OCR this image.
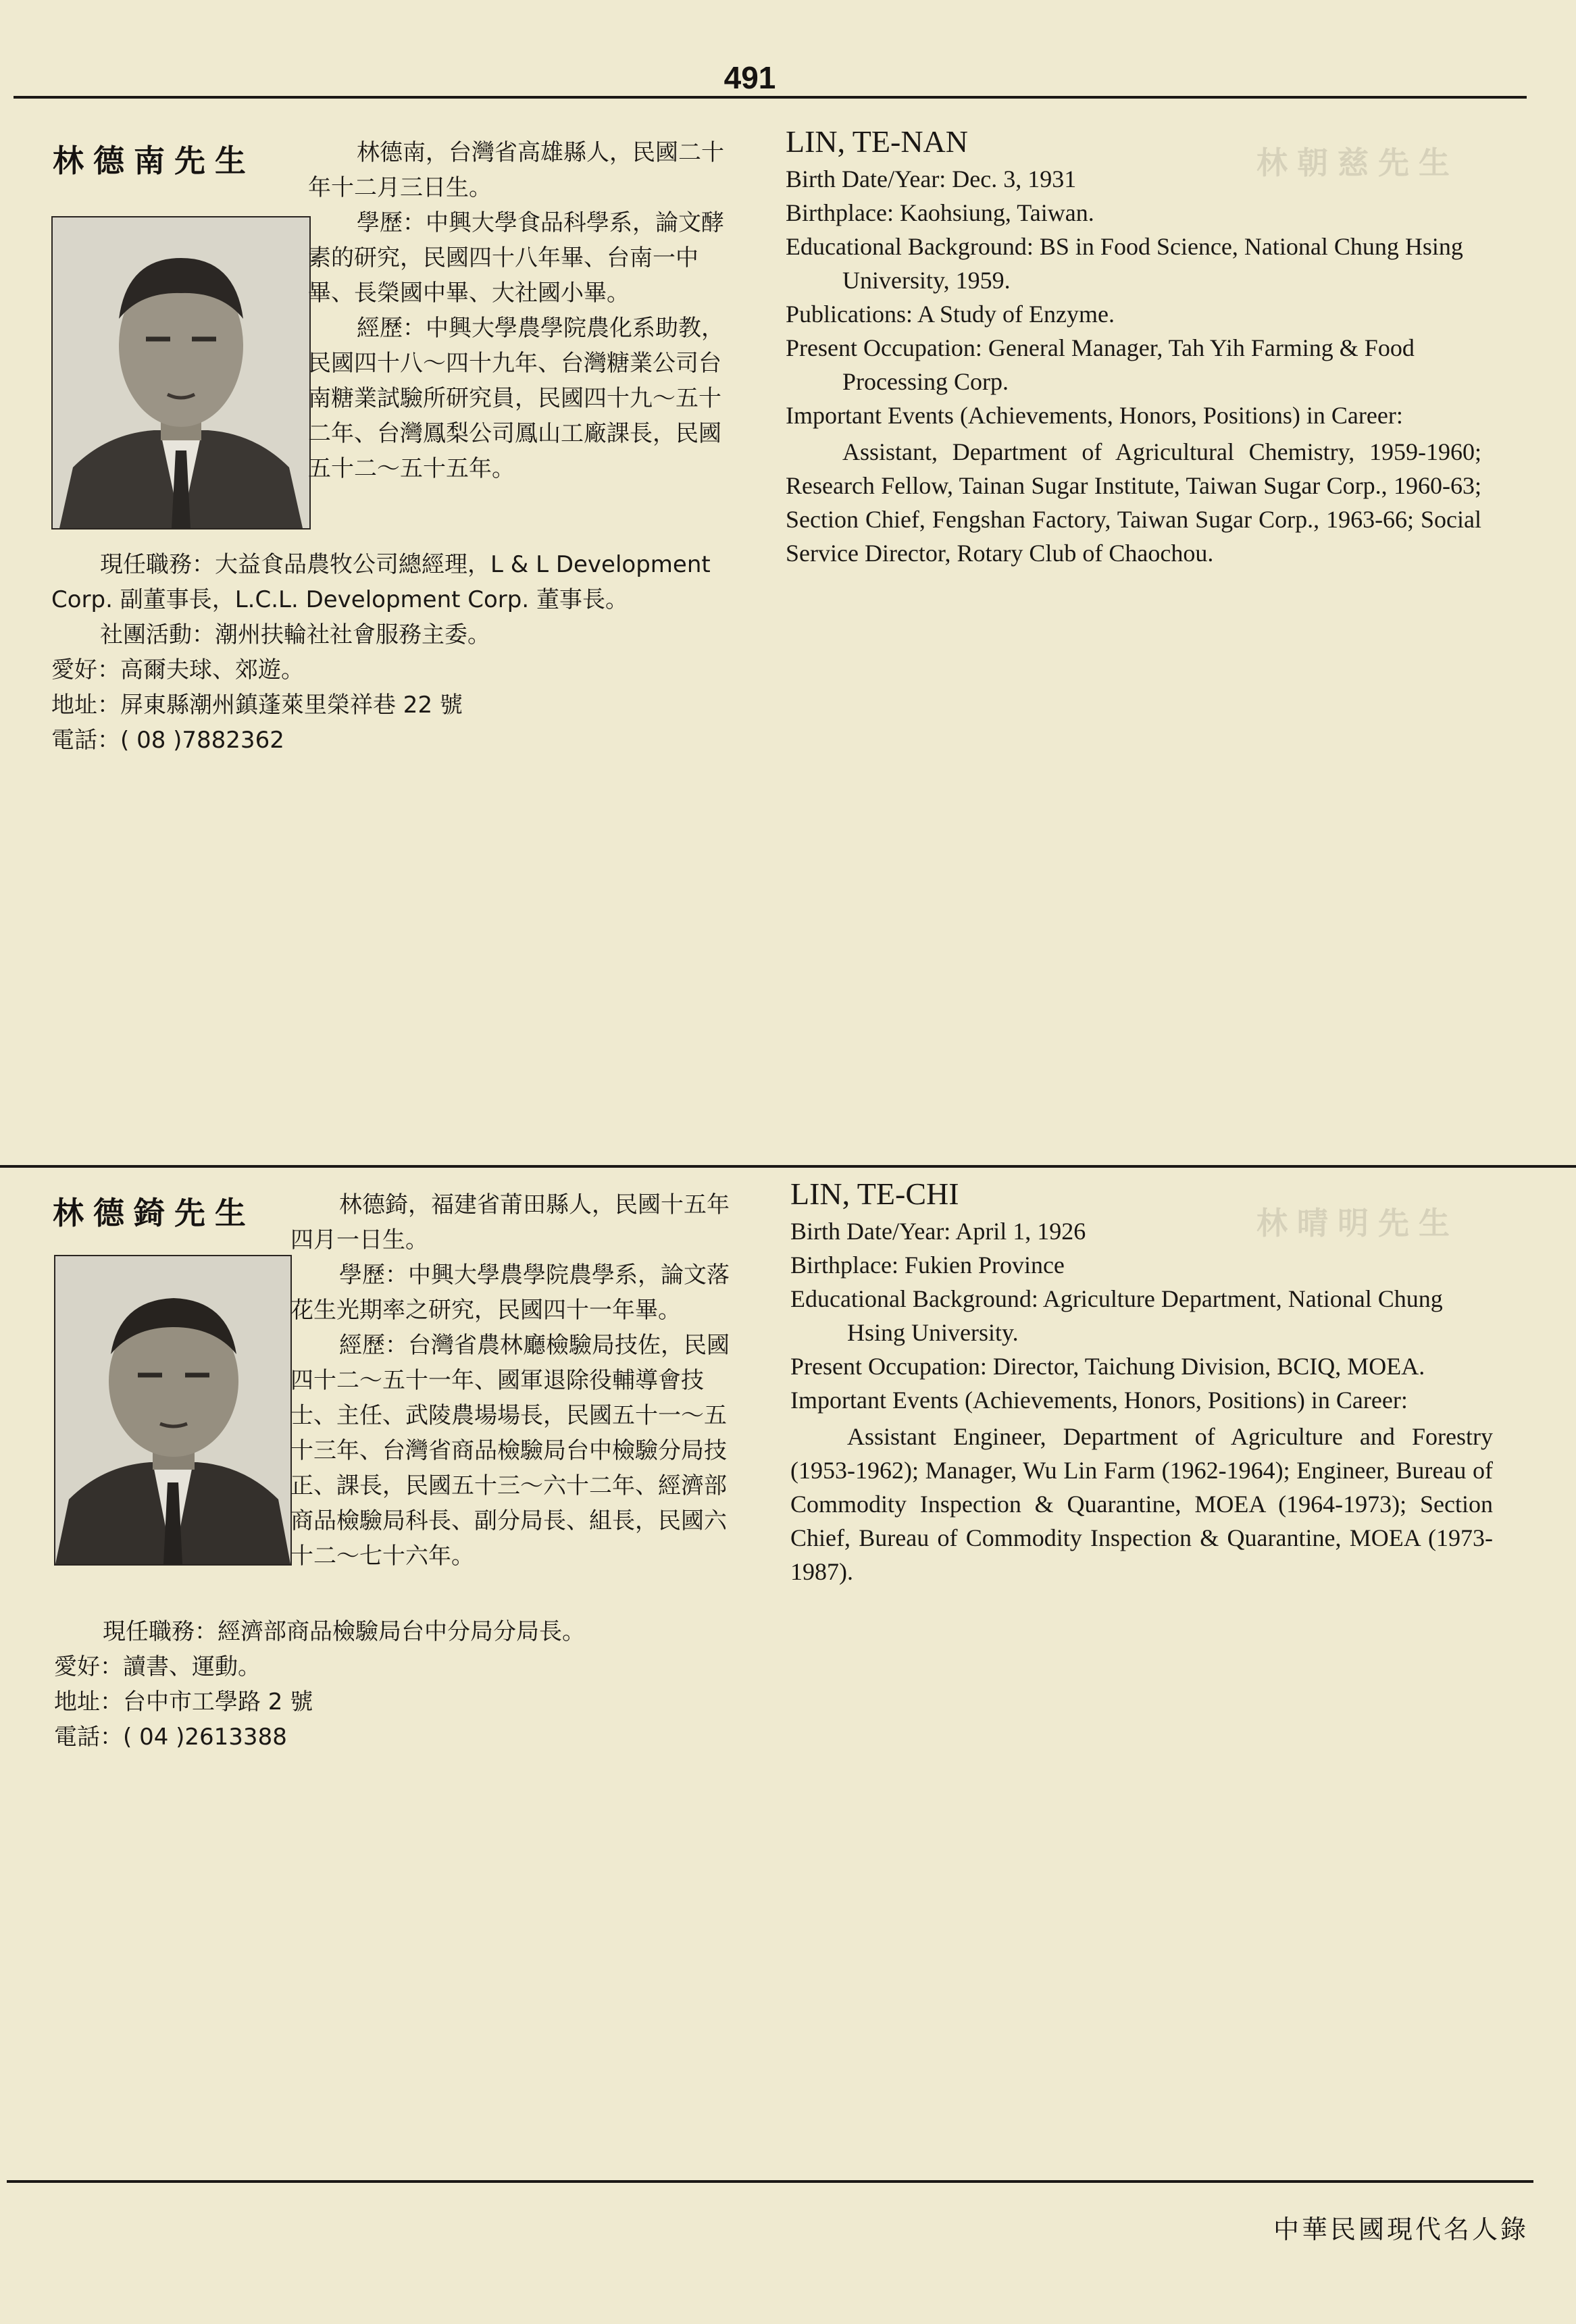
491
林朝慈先生
林晴明先生
林德南先生	林德南，台灣省高雄縣人，民國二十年十二月三日生。

學歷：中興大學食品科學系，論文酵素的研究，民國四十八年畢、台南一中畢、長榮國中畢、大社國小畢。

經歷：中興大學農學院農化系助教，民國四十八～四十九年、台灣糖業公司台南糖業試驗所研究員，民國四十九～五十二年、台灣鳳梨公司鳳山工廠課長，民國五十二～五十五年。

現任職務：大益食品農牧公司總經理，L & L Development Corp. 副董事長，L.C.L. Development Corp. 董事長。

社團活動：潮州扶輪社社會服務主委。

愛好：高爾夫球、郊遊。

地址：屏東縣潮州鎮蓬萊里榮祥巷 22 號

電話：( 08 )7882362

LIN, TE-NAN
Birth Date/Year: Dec. 3, 1931
Birthplace: Kaohsiung, Taiwan.
Educational Background: BS in Food Science, National Chung Hsing University, 1959.
Publications: A Study of Enzyme.
Present Occupation: General Manager, Tah Yih Farming & Food Processing Corp.
Important Events (Achievements, Honors, Positions) in Career:
Assistant, Department of Agricultural Chemistry, 1959-1960; Research Fellow, Tainan Sugar Institute, Taiwan Sugar Corp., 1960-63; Section Chief, Fengshan Factory, Taiwan Sugar Corp., 1963-66; Social Service Director, Rotary Club of Chaochou.
林德錡先生	林德錡，福建省莆田縣人，民國十五年四月一日生。

學歷：中興大學農學院農學系，論文落花生光期率之研究，民國四十一年畢。

經歷：台灣省農林廳檢驗局技佐，民國四十二～五十一年、國軍退除役輔導會技士、主任、武陵農場場長，民國五十一～五十三年、台灣省商品檢驗局台中檢驗分局技正、課長，民國五十三～六十二年、經濟部商品檢驗局科長、副分局長、組長，民國六十二～七十六年。

現任職務：經濟部商品檢驗局台中分局分局長。

愛好：讀書、運動。

地址：台中市工學路 2 號

電話：( 04 )2613388

LIN, TE-CHI
Birth Date/Year: April 1, 1926
Birthplace: Fukien Province
Educational Background: Agriculture Department, National Chung Hsing University.
Present Occupation: Director, Taichung Division, BCIQ, MOEA.
Important Events (Achievements, Honors, Positions) in Career:
Assistant Engineer, Department of Agriculture and Forestry (1953-1962); Manager, Wu Lin Farm (1962-1964); Engineer, Bureau of Commodity Inspection & Quarantine, MOEA (1964-1973); Section Chief, Bureau of Commodity Inspection & Quarantine, MOEA (1973-1987).
中華民國現代名人錄
